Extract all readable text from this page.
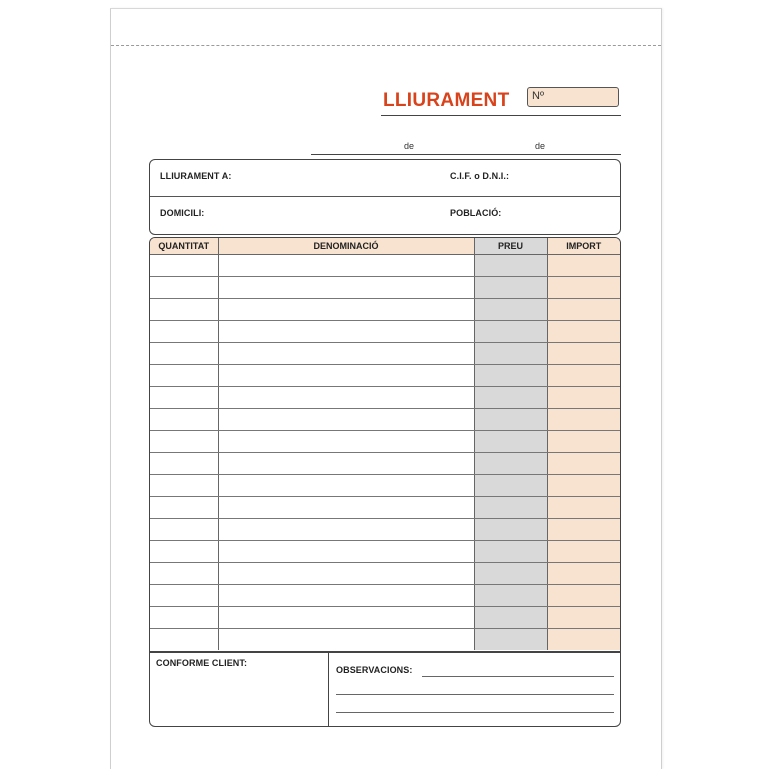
LLIURAMENT Nº
de	de
LLIURAMENT A:	C.I.F. o D.N.I.:
DOMICILI:	POBLACIÓ:
QUANTITAT	DENOMINACIÓ	PREU	IMPORT

CONFORME CLIENT:
OBSERVACIONS:
